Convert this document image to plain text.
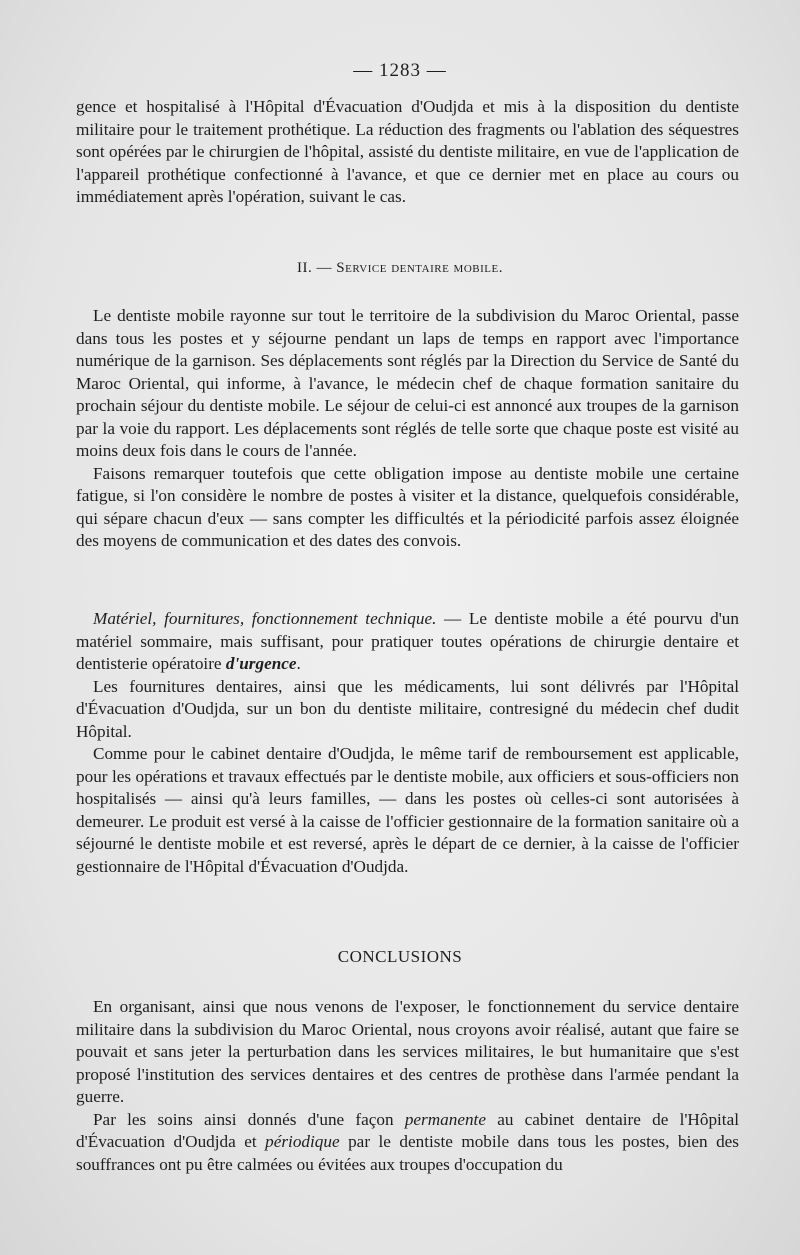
— 1283 —

gence et hospitalisé à l'Hôpital d'Évacuation d'Oudjda et mis à la disposition du dentiste militaire pour le traitement prothétique. La réduction des fragments ou l'ablation des séquestres sont opérées par le chirurgien de l'hôpital, assisté du dentiste militaire, en vue de l'application de l'appareil prothétique confectionné à l'avance, et que ce dernier met en place au cours ou immédiatement après l'opération, suivant le cas.

II. — Service dentaire mobile.

Le dentiste mobile rayonne sur tout le territoire de la subdivision du Maroc Oriental, passe dans tous les postes et y séjourne pendant un laps de temps en rapport avec l'importance numérique de la garnison. Ses déplacements sont réglés par la Direction du Service de Santé du Maroc Oriental, qui informe, à l'avance, le médecin chef de chaque formation sanitaire du prochain séjour du dentiste mobile. Le séjour de celui-ci est annoncé aux troupes de la garnison par la voie du rapport. Les déplacements sont réglés de telle sorte que chaque poste est visité au moins deux fois dans le cours de l'année.

Faisons remarquer toutefois que cette obligation impose au dentiste mobile une certaine fatigue, si l'on considère le nombre de postes à visiter et la distance, quelquefois considérable, qui sépare chacun d'eux — sans compter les difficultés et la périodicité parfois assez éloignée des moyens de communication et des dates des convois.

Matériel, fournitures, fonctionnement technique. — Le dentiste mobile a été pourvu d'un matériel sommaire, mais suffisant, pour pratiquer toutes opérations de chirurgie dentaire et dentisterie opératoire d'urgence.

Les fournitures dentaires, ainsi que les médicaments, lui sont délivrés par l'Hôpital d'Évacuation d'Oudjda, sur un bon du dentiste militaire, contresigné du médecin chef dudit Hôpital.

Comme pour le cabinet dentaire d'Oudjda, le même tarif de remboursement est applicable, pour les opérations et travaux effectués par le dentiste mobile, aux officiers et sous-officiers non hospitalisés — ainsi qu'à leurs familles, — dans les postes où celles-ci sont autorisées à demeurer. Le produit est versé à la caisse de l'officier gestionnaire de la formation sanitaire où a séjourné le dentiste mobile et est reversé, après le départ de ce dernier, à la caisse de l'officier gestionnaire de l'Hôpital d'Évacuation d'Oudjda.

CONCLUSIONS

En organisant, ainsi que nous venons de l'exposer, le fonctionnement du service dentaire militaire dans la subdivision du Maroc Oriental, nous croyons avoir réalisé, autant que faire se pouvait et sans jeter la perturbation dans les services militaires, le but humanitaire que s'est proposé l'institution des services dentaires et des centres de prothèse dans l'armée pendant la guerre.

Par les soins ainsi donnés d'une façon permanente au cabinet dentaire de l'Hôpital d'Évacuation d'Oudjda et périodique par le dentiste mobile dans tous les postes, bien des souffrances ont pu être calmées ou évitées aux troupes d'occupation du
